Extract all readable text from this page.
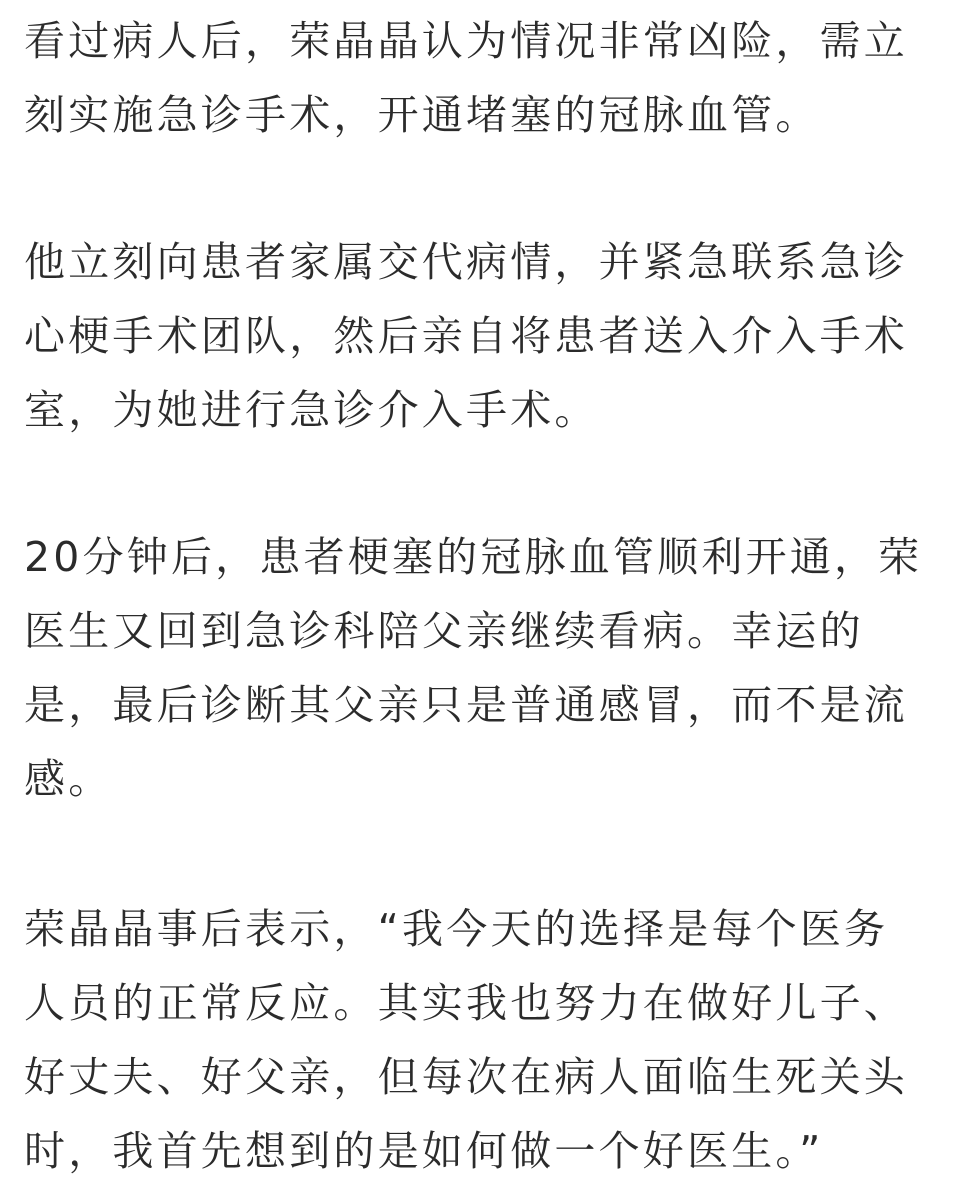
看过病人后，荣晶晶认为情况非常凶险，需立
刻实施急诊手术，开通堵塞的冠脉血管。

他立刻向患者家属交代病情，并紧急联系急诊
心梗手术团队，然后亲自将患者送入介入手术
室，为她进行急诊介入手术。

20分钟后，患者梗塞的冠脉血管顺利开通，荣
医生又回到急诊科陪父亲继续看病。幸运的
是，最后诊断其父亲只是普通感冒，而不是流
感。

荣晶晶事后表示，“我今天的选择是每个医务
人员的正常反应。其实我也努力在做好儿子、
好丈夫、好父亲，但每次在病人面临生死关头
时，我首先想到的是如何做一个好医生。”
